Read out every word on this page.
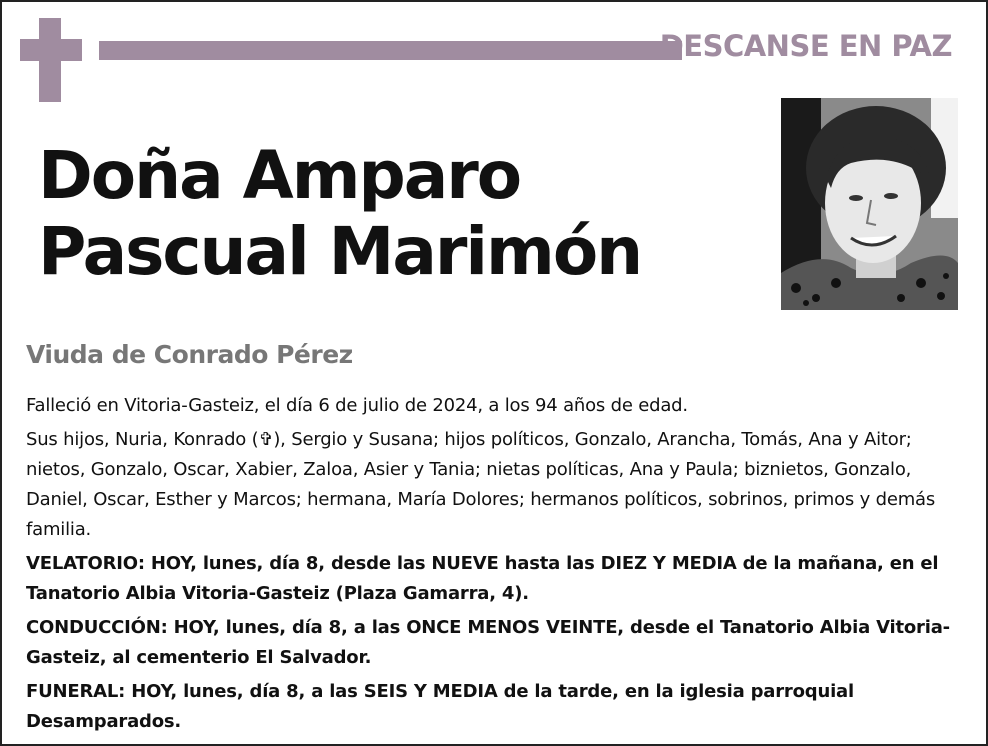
DESCANSE EN PAZ
Doña Amparo
Pascual Marimón
Viuda de Conrado Pérez

Falleció en Vitoria-Gasteiz, el día 6 de julio de 2024, a los 94 años de edad.

Sus hijos, Nuria, Konrado (✞), Sergio y Susana; hijos políticos, Gonzalo, Arancha, Tomás, Ana y Aitor; nietos, Gonzalo, Oscar, Xabier, Zaloa, Asier y Tania; nietas políticas, Ana y Paula; biznietos, Gonzalo, Daniel, Oscar, Esther y Marcos; hermana, María Dolores; hermanos políticos, sobrinos, primos y demás familia.

VELATORIO: HOY, lunes, día 8, desde las NUEVE hasta las DIEZ Y MEDIA de la mañana, en el Tanatorio Albia Vitoria-Gasteiz (Plaza Gamarra, 4).

CONDUCCIÓN: HOY, lunes, día 8, a las ONCE MENOS VEINTE, desde el Tanatorio Albia Vitoria-Gasteiz, al cementerio El Salvador.

FUNERAL: HOY, lunes, día 8, a las SEIS Y MEDIA de la tarde, en la iglesia parroquial Desamparados.
